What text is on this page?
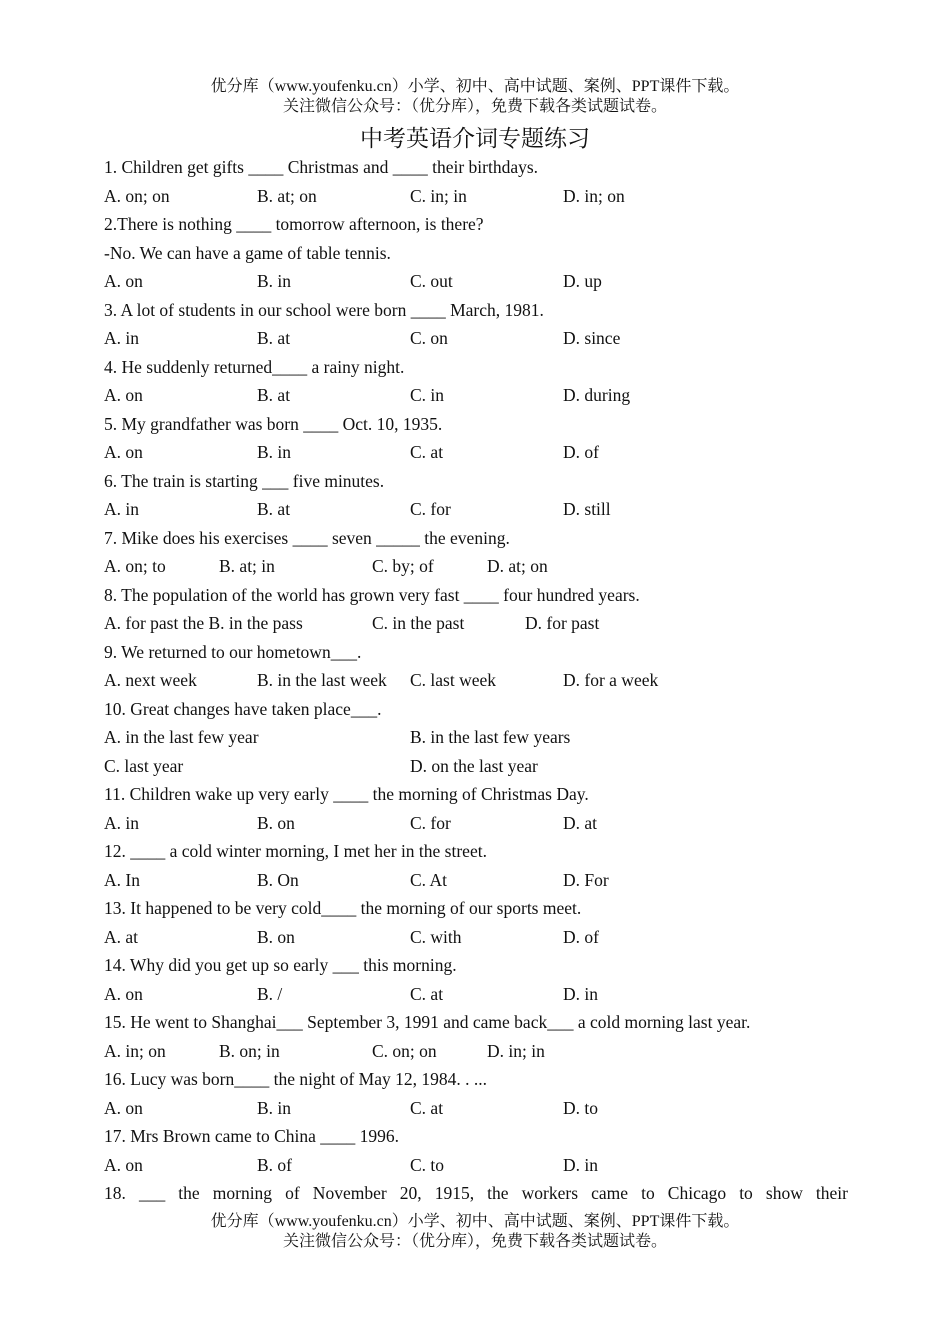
优分库（www.youfenku.cn）小学、初中、高中试题、案例、PPT课件下载。
关注微信公众号：（优分库），免费下载各类试题试卷。
中考英语介词专题练习
1. Children get gifts ____ Christmas and ____ their birthdays.
A. on; on	B. at; on	C. in; in	D. in; on
2.There is nothing ____ tomorrow afternoon, is there?
-No. We can have a game of table tennis.
A. on	B. in	C. out	D. up
3. A lot of students in our school were born ____ March, 1981.
A. in	B. at	C. on	D. since
4. He suddenly returned____ a rainy night.
A. on	B. at	C. in	D. during
5. My grandfather was born ____ Oct. 10, 1935.
A. on	B. in	C. at	D. of
6. The train is starting ___ five minutes.
A. in	B. at	C. for	D. still
7. Mike does his exercises ____ seven _____ the evening.
A. on; to	B. at; in	C. by; of	D. at; on
8. The population of the world has grown very fast ____ four hundred years.
A. for past the B. in the pass	C. in the past	D. for past
9. We returned to our hometown___.
A. next week	B. in the last week C. last week	D. for a week
10. Great changes have taken place___.
A. in the last few year	B. in the last few years
C. last year	D. on the last year
11. Children wake up very early ____ the morning of Christmas Day.
A. in	B. on	C. for	D. at
12. ____ a cold winter morning, I met her in the street.
A. In	B. On	C. At	D. For
13. It happened to be very cold____ the morning of our sports meet.
A. at	B. on	C. with	D. of
14. Why did you get up so early ___ this morning.
A. on	B. /	C. at	D. in
15. He went to Shanghai___ September 3, 1991 and came back___ a cold morning last year.
A. in; on	B. on; in	C. on; on	D. in; in
16. Lucy was born____ the night of May 12, 1984. . ...
A. on	B. in	C. at	D. to
17. Mrs Brown came to China ____ 1996.
A. on	B. of	C. to	D. in
18. ___ the morning of November 20, 1915, the workers came to Chicago to show their
优分库（www.youfenku.cn）小学、初中、高中试题、案例、PPT课件下载。
关注微信公众号：（优分库），免费下载各类试题试卷。
